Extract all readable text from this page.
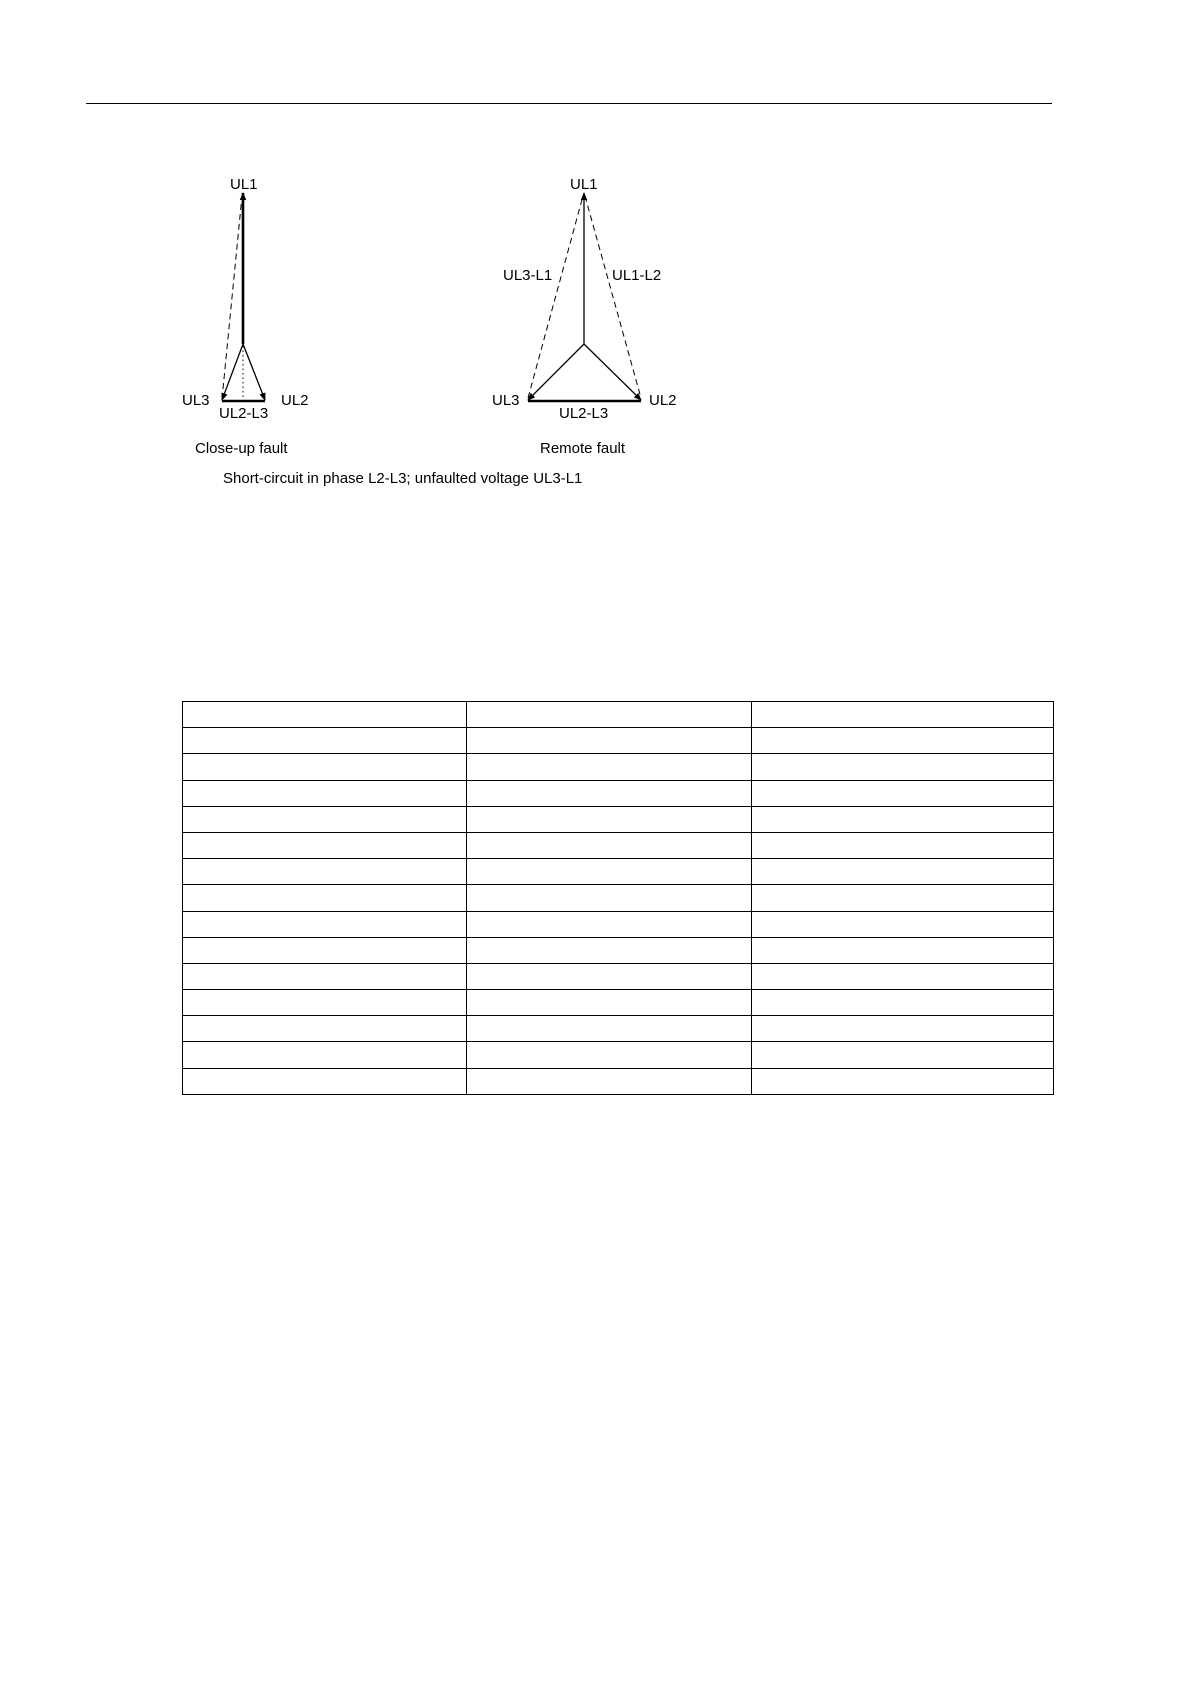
UL1
UL3	UL2
UL2-L3
Close-up fault
UL1
UL3-L1	UL1-L2
UL3	UL2
UL2-L3
Remote fault
Short-circuit in phase L2-L3; unfaulted voltage UL3-L1
